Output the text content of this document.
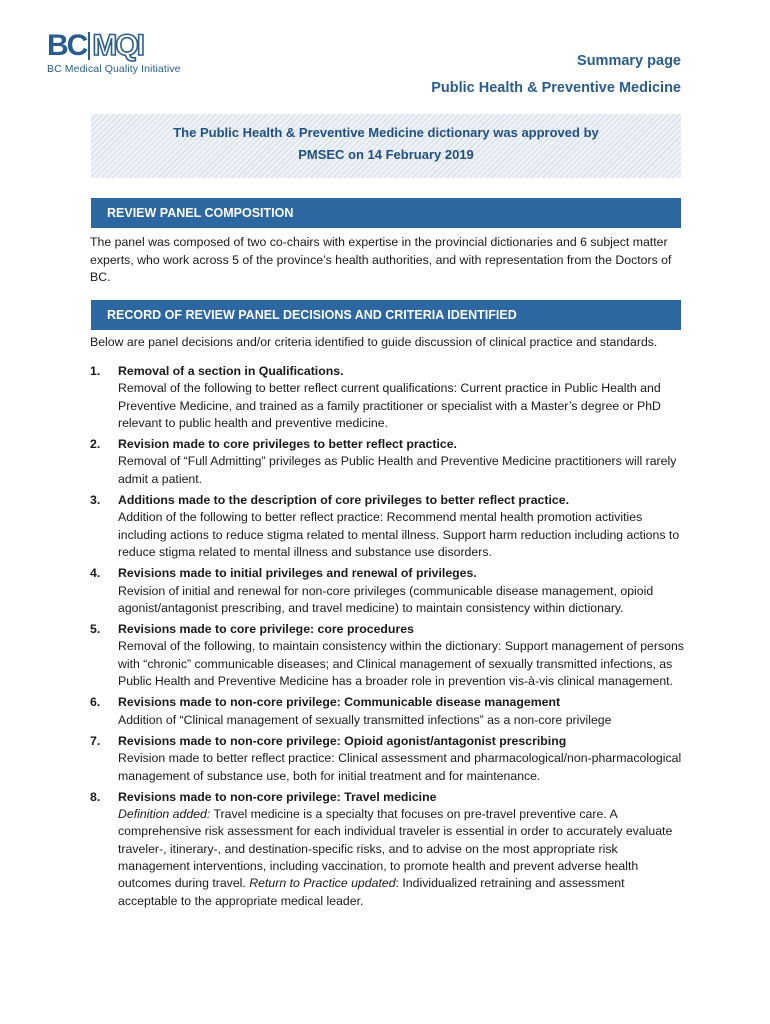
BC MQI
BC Medical Quality Initiative	Summary page
Public Health & Preventive Medicine
The Public Health & Preventive Medicine dictionary was approved by
PMSEC on 14 February 2019
REVIEW PANEL COMPOSITION
The panel was composed of two co-chairs with expertise in the provincial dictionaries and 6 subject matter experts, who work across 5 of the province’s health authorities, and with representation from the Doctors of BC.
RECORD OF REVIEW PANEL DECISIONS AND CRITERIA IDENTIFIED
Below are panel decisions and/or criteria identified to guide discussion of clinical practice and standards.
1.	Removal of a section in Qualifications.
Removal of the following to better reflect current qualifications: Current practice in Public Health and Preventive Medicine, and trained as a family practitioner or specialist with a Master’s degree or PhD relevant to public health and preventive medicine.
2.	Revision made to core privileges to better reflect practice.
Removal of “Full Admitting” privileges as Public Health and Preventive Medicine practitioners will rarely admit a patient.
3.	Additions made to the description of core privileges to better reflect practice.
Addition of the following to better reflect practice: Recommend mental health promotion activities including actions to reduce stigma related to mental illness. Support harm reduction including actions to reduce stigma related to mental illness and substance use disorders.
4.	Revisions made to initial privileges and renewal of privileges.
Revision of initial and renewal for non-core privileges (communicable disease management, opioid agonist/antagonist prescribing, and travel medicine) to maintain consistency within dictionary.
5.	Revisions made to core privilege: core procedures
Removal of the following, to maintain consistency within the dictionary: Support management of persons with “chronic” communicable diseases; and Clinical management of sexually transmitted infections, as Public Health and Preventive Medicine has a broader role in prevention vis-à-vis clinical management.
6.	Revisions made to non-core privilege: Communicable disease management
Addition of “Clinical management of sexually transmitted infections” as a non-core privilege
7.	Revisions made to non-core privilege: Opioid agonist/antagonist prescribing
Revision made to better reflect practice: Clinical assessment and pharmacological/non-pharmacological management of substance use, both for initial treatment and for maintenance.
8.	Revisions made to non-core privilege: Travel medicine
Definition added: Travel medicine is a specialty that focuses on pre-travel preventive care. A comprehensive risk assessment for each individual traveler is essential in order to accurately evaluate traveler-, itinerary-, and destination-specific risks, and to advise on the most appropriate risk management interventions, including vaccination, to promote health and prevent adverse health outcomes during travel. Return to Practice updated: Individualized retraining and assessment acceptable to the appropriate medical leader.
